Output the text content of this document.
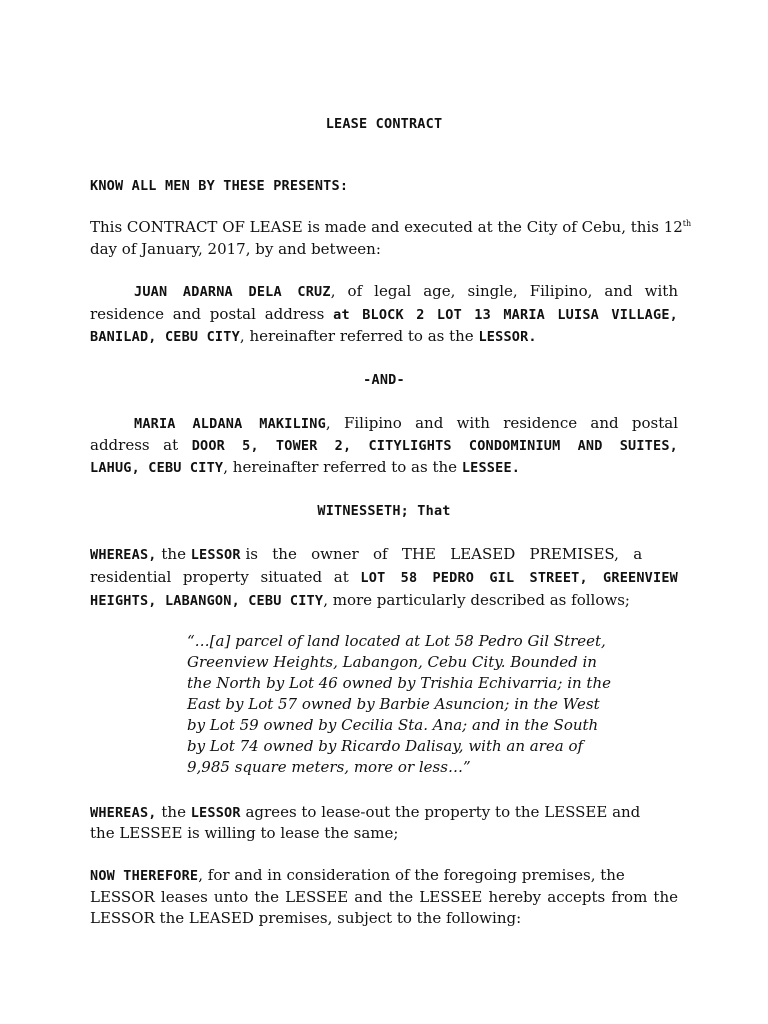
LEASE CONTRACT
KNOW ALL MEN BY THESE PRESENTS:
This CONTRACT OF LEASE is made and executed at the City of Cebu, this 12th
day of January, 2017, by and between:
JUAN ADARNA DELA CRUZ, of legal age, single, Filipino, and with
residence and postal address at BLOCK 2 LOT 13 MARIA LUISA VILLAGE,
BANILAD, CEBU CITY, hereinafter referred to as the LESSOR.
-AND-
MARIA ALDANA MAKILING, Filipino and with residence and postal
address at DOOR 5, TOWER 2, CITYLIGHTS CONDOMINIUM AND SUITES,
LAHUG, CEBU CITY, hereinafter referred to as the LESSEE.
WITNESSETH; That
WHEREAS, the LESSOR is   the   owner   of   THE   LEASED   PREMISES,   a
residential property situated at LOT 58 PEDRO GIL STREET, GREENVIEW
HEIGHTS, LABANGON, CEBU CITY, more particularly described as follows;
“…[a] parcel of land located at Lot 58 Pedro Gil Street,
Greenview Heights, Labangon, Cebu City. Bounded in
the North by Lot 46 owned by Trishia Echivarria; in the
East by Lot 57 owned by Barbie Asuncion; in the West
by Lot 59 owned by Cecilia Sta. Ana; and in the South
by Lot 74 owned by Ricardo Dalisay, with an area of
9,985 square meters, more or less…”
WHEREAS, the LESSOR agrees to lease-out the property to the LESSEE and
the LESSEE is willing to lease the same;
NOW THEREFORE, for and in consideration of the foregoing premises, the
LESSOR leases unto the LESSEE and the LESSEE hereby accepts from the
LESSOR the LEASED premises, subject to the following:
